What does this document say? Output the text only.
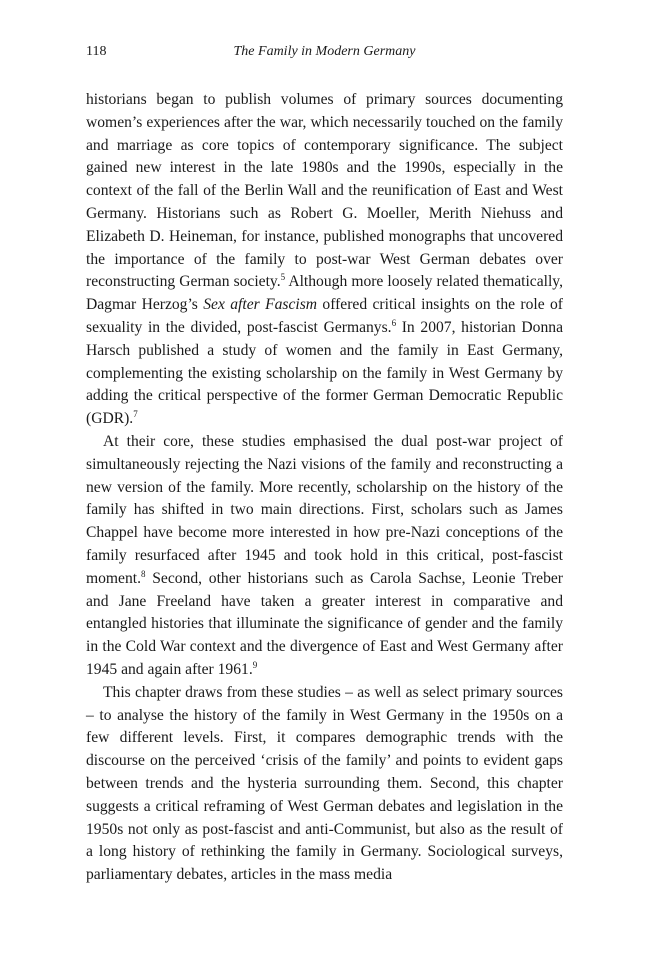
118	The Family in Modern Germany

historians began to publish volumes of primary sources documenting women’s experiences after the war, which necessarily touched on the family and marriage as core topics of contemporary significance. The subject gained new interest in the late 1980s and the 1990s, especially in the context of the fall of the Berlin Wall and the reunification of East and West Germany. Historians such as Robert G. Moeller, Merith Niehuss and Elizabeth D. Heineman, for instance, published monographs that uncovered the importance of the family to post-war West German debates over reconstructing German society.$^5$ Although more loosely related thematically, Dagmar Herzog’s Sex after Fascism offered critical insights on the role of sexuality in the divided, post-fascist Germanys.$^6$ In 2007, historian Donna Harsch published a study of women and the family in East Germany, complementing the existing scholarship on the family in West Germany by adding the critical perspective of the former German Democratic Republic (GDR).$^7$

At their core, these studies emphasised the dual post-war project of simultaneously rejecting the Nazi visions of the family and reconstructing a new version of the family. More recently, scholarship on the history of the family has shifted in two main directions. First, scholars such as James Chappel have become more interested in how pre-Nazi conceptions of the family resurfaced after 1945 and took hold in this critical, post-fascist moment.$^8$ Second, other historians such as Carola Sachse, Leonie Treber and Jane Freeland have taken a greater interest in comparative and entangled histories that illuminate the significance of gender and the family in the Cold War context and the divergence of East and West Germany after 1945 and again after 1961.$^9$

This chapter draws from these studies – as well as select primary sources – to analyse the history of the family in West Germany in the 1950s on a few different levels. First, it compares demographic trends with the discourse on the perceived ‘crisis of the family’ and points to evident gaps between trends and the hysteria surrounding them. Second, this chapter suggests a critical reframing of West German debates and legislation in the 1950s not only as post-fascist and anti-Communist, but also as the result of a long history of rethinking the family in Germany. Sociological surveys, parliamentary debates, articles in the mass media
